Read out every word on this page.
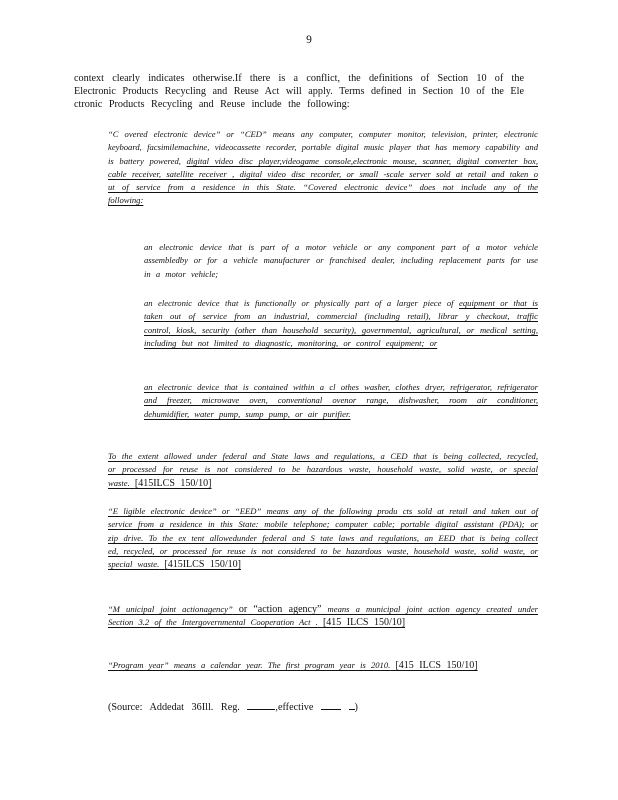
9
context clearly indicates otherwise.If there is a conflict, the definitions of Section 10 of the Electronic Products Recycling and Reuse Act will apply. Terms defined in Section 10 of the Ele ctronic Products Recycling and Reuse include the following:
“C overed electronic device” or “CED” means any computer, computer monitor, television, printer, electronic keyboard, facsimilemachine, videocassette recorder, portable digital music player that has memory capability and is battery powered, digital video disc player,videogame console,electronic mouse, scanner, digital converter box, cable receiver, satellite receiver , digital video disc recorder, or small -scale server sold at retail and taken o ut of service from a residence in this State. “Covered electronic device” does not include any of the following:
an electronic device that is part of a motor vehicle or any component part of a motor vehicle assembledby or for a vehicle manufacturer or franchised dealer, including replacement parts for use in a motor vehicle;
an electronic device that is functionally or physically part of a larger piece of equipment or that is taken out of service from an industrial, commercial (including retail), librar y checkout, traffic control, kiosk, security (other than household security), governmental, agricultural, or medical setting, including but not limited to diagnostic, monitoring, or control equipment; or
an electronic device that is contained within a cl othes washer, clothes dryer, refrigerator, refrigerator and freezer, microwave oven, conventional ovenor range, dishwasher, room air conditioner, dehumidifier, water pump, sump pump, or air purifier.
To the extent allowed under federal and State laws and regulations, a CED that is being collected, recycled, or processed for reuse is not considered to be hazardous waste, household waste, solid waste, or special waste. [415ILCS 150/10]
“E ligible electronic device” or “EED” means any of the following produ cts sold at retail and taken out of service from a residence in this State: mobile telephone; computer cable; portable digital assistant (PDA); or zip drive. To the ex tent allowedunder federal and S tate laws and regulations, an EED that is being collect ed, recycled, or processed for reuse is not considered to be hazardous waste, household waste, solid waste, or special waste. [415ILCS 150/10]
“M unicipal joint actionagency” or “action agency” means a municipal joint action agency created under Section 3.2 of the Intergovernmental Cooperation Act . [415 ILCS 150/10]
“Program year” means a calendar year. The first program year is 2010. [415 ILCS 150/10]
(Source: Addedat 36Ill. Reg.	,effective	)
